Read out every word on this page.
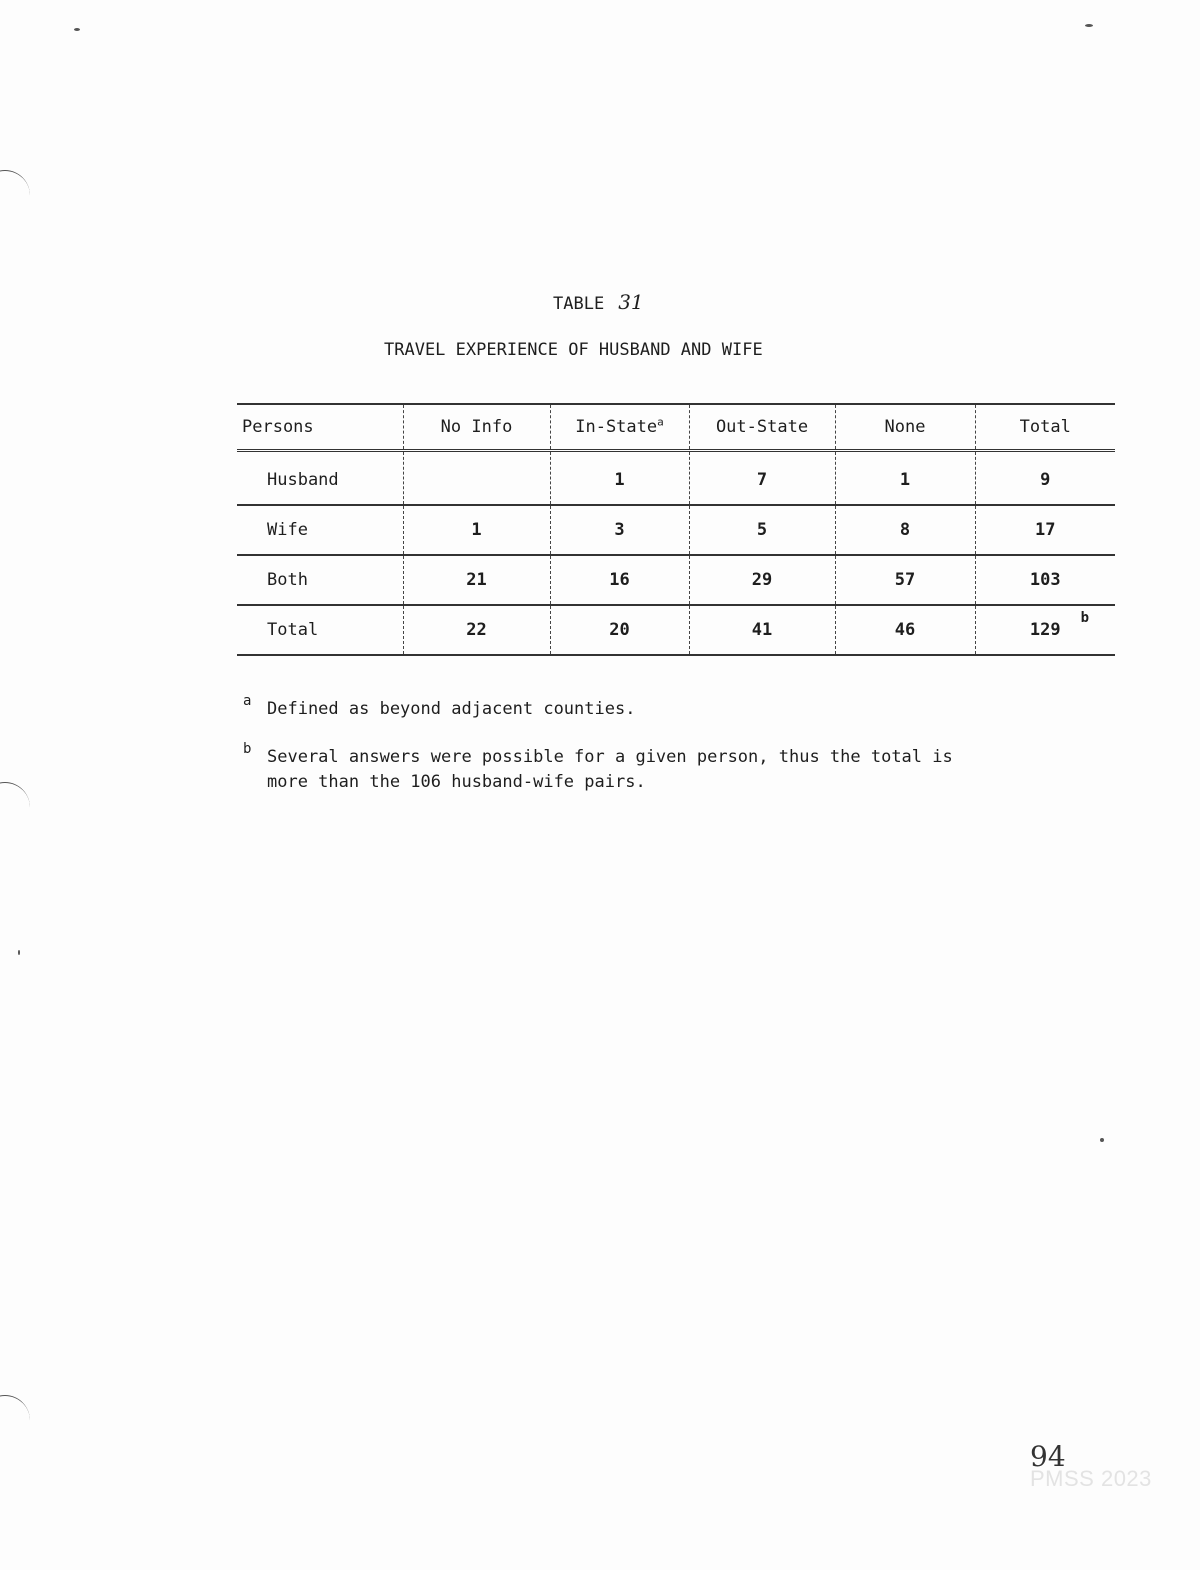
TABLE 31
TRAVEL EXPERIENCE OF HUSBAND AND WIFE
Persons	No Info	In-State$^a$	Out-State	None	Total
Husband		1	7	1	9
Wife	1	3	5	8	17
Both	21	16	29	57	103
Total	22	20	41	46	129
b
a Defined as beyond adjacent counties.
b Several answers were possible for a given person, thus the total is
more than the 106 husband-wife pairs.
94
PMSS 2023
